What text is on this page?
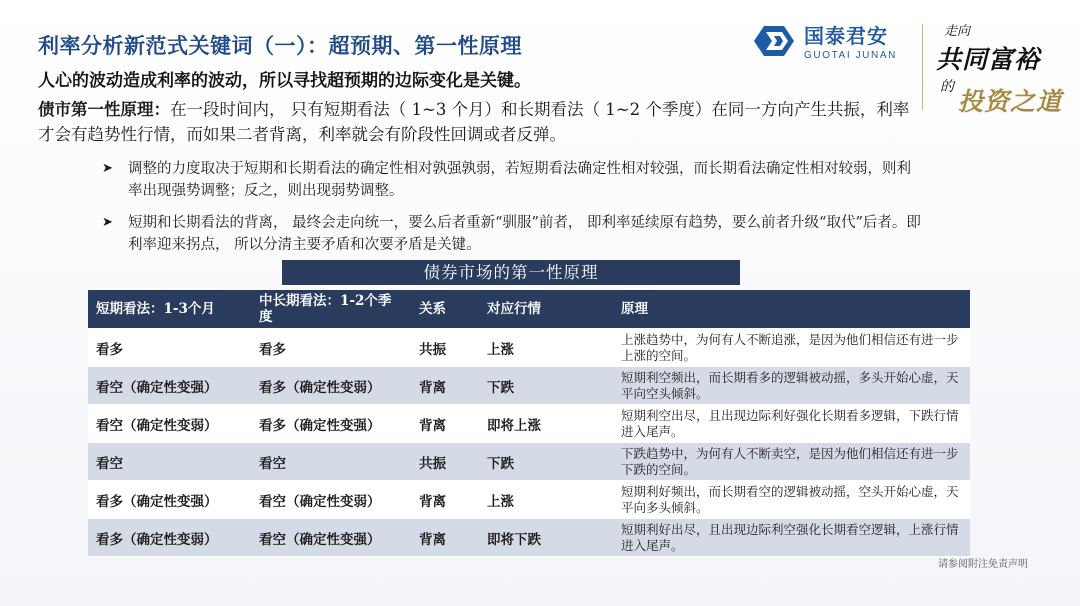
利率分析新范式关键词（一）：超预期、第一性原理
人心的波动造成利率的波动，所以寻找超预期的边际变化是关键。
国泰君安
GUOTAI JUNAN
走向
共同富裕
的 投资之道
债市第一性原理：在一段时间内， 只有短期看法（ 1~3 个月）和长期看法（ 1~2 个季度）在同一方向产生共振，利率才会有趋势性行情，而如果二者背离，利率就会有阶段性回调或者反弹。
➤ 调整的力度取决于短期和长期看法的确定性相对孰强孰弱，若短期看法确定性相对较强，而长期看法确定性相对较弱，则利率出现强势调整；反之，则出现弱势调整。
➤ 短期和长期看法的背离， 最终会走向统一，要么后者重新“驯服”前者， 即利率延续原有趋势，要么前者升级“取代”后者。即利率迎来拐点， 所以分清主要矛盾和次要矛盾是关键。
债券市场的第一性原理
短期看法：1-3个月	中长期看法：1-2个季度	关系	对应行情	原理
看多	看多	共振	上涨	上涨趋势中，为何有人不断追涨，是因为他们相信还有进一步上涨的空间。
看空（确定性变强）	看多（确定性变弱）	背离	下跌	短期利空频出，而长期看多的逻辑被动摇，多头开始心虚，天平向空头倾斜。
看空（确定性变弱）	看多（确定性变强）	背离	即将上涨	短期利空出尽，且出现边际利好强化长期看多逻辑，下跌行情进入尾声。
看空	看空	共振	下跌	下跌趋势中，为何有人不断卖空，是因为他们相信还有进一步下跌的空间。
看多（确定性变强）	看空（确定性变弱）	背离	上涨	短期利好频出，而长期看空的逻辑被动摇，空头开始心虚，天平向多头倾斜。
看多（确定性变弱）	看空（确定性变强）	背离	即将下跌	短期利好出尽，且出现边际利空强化长期看空逻辑，上涨行情进入尾声。
请参阅附注免责声明
